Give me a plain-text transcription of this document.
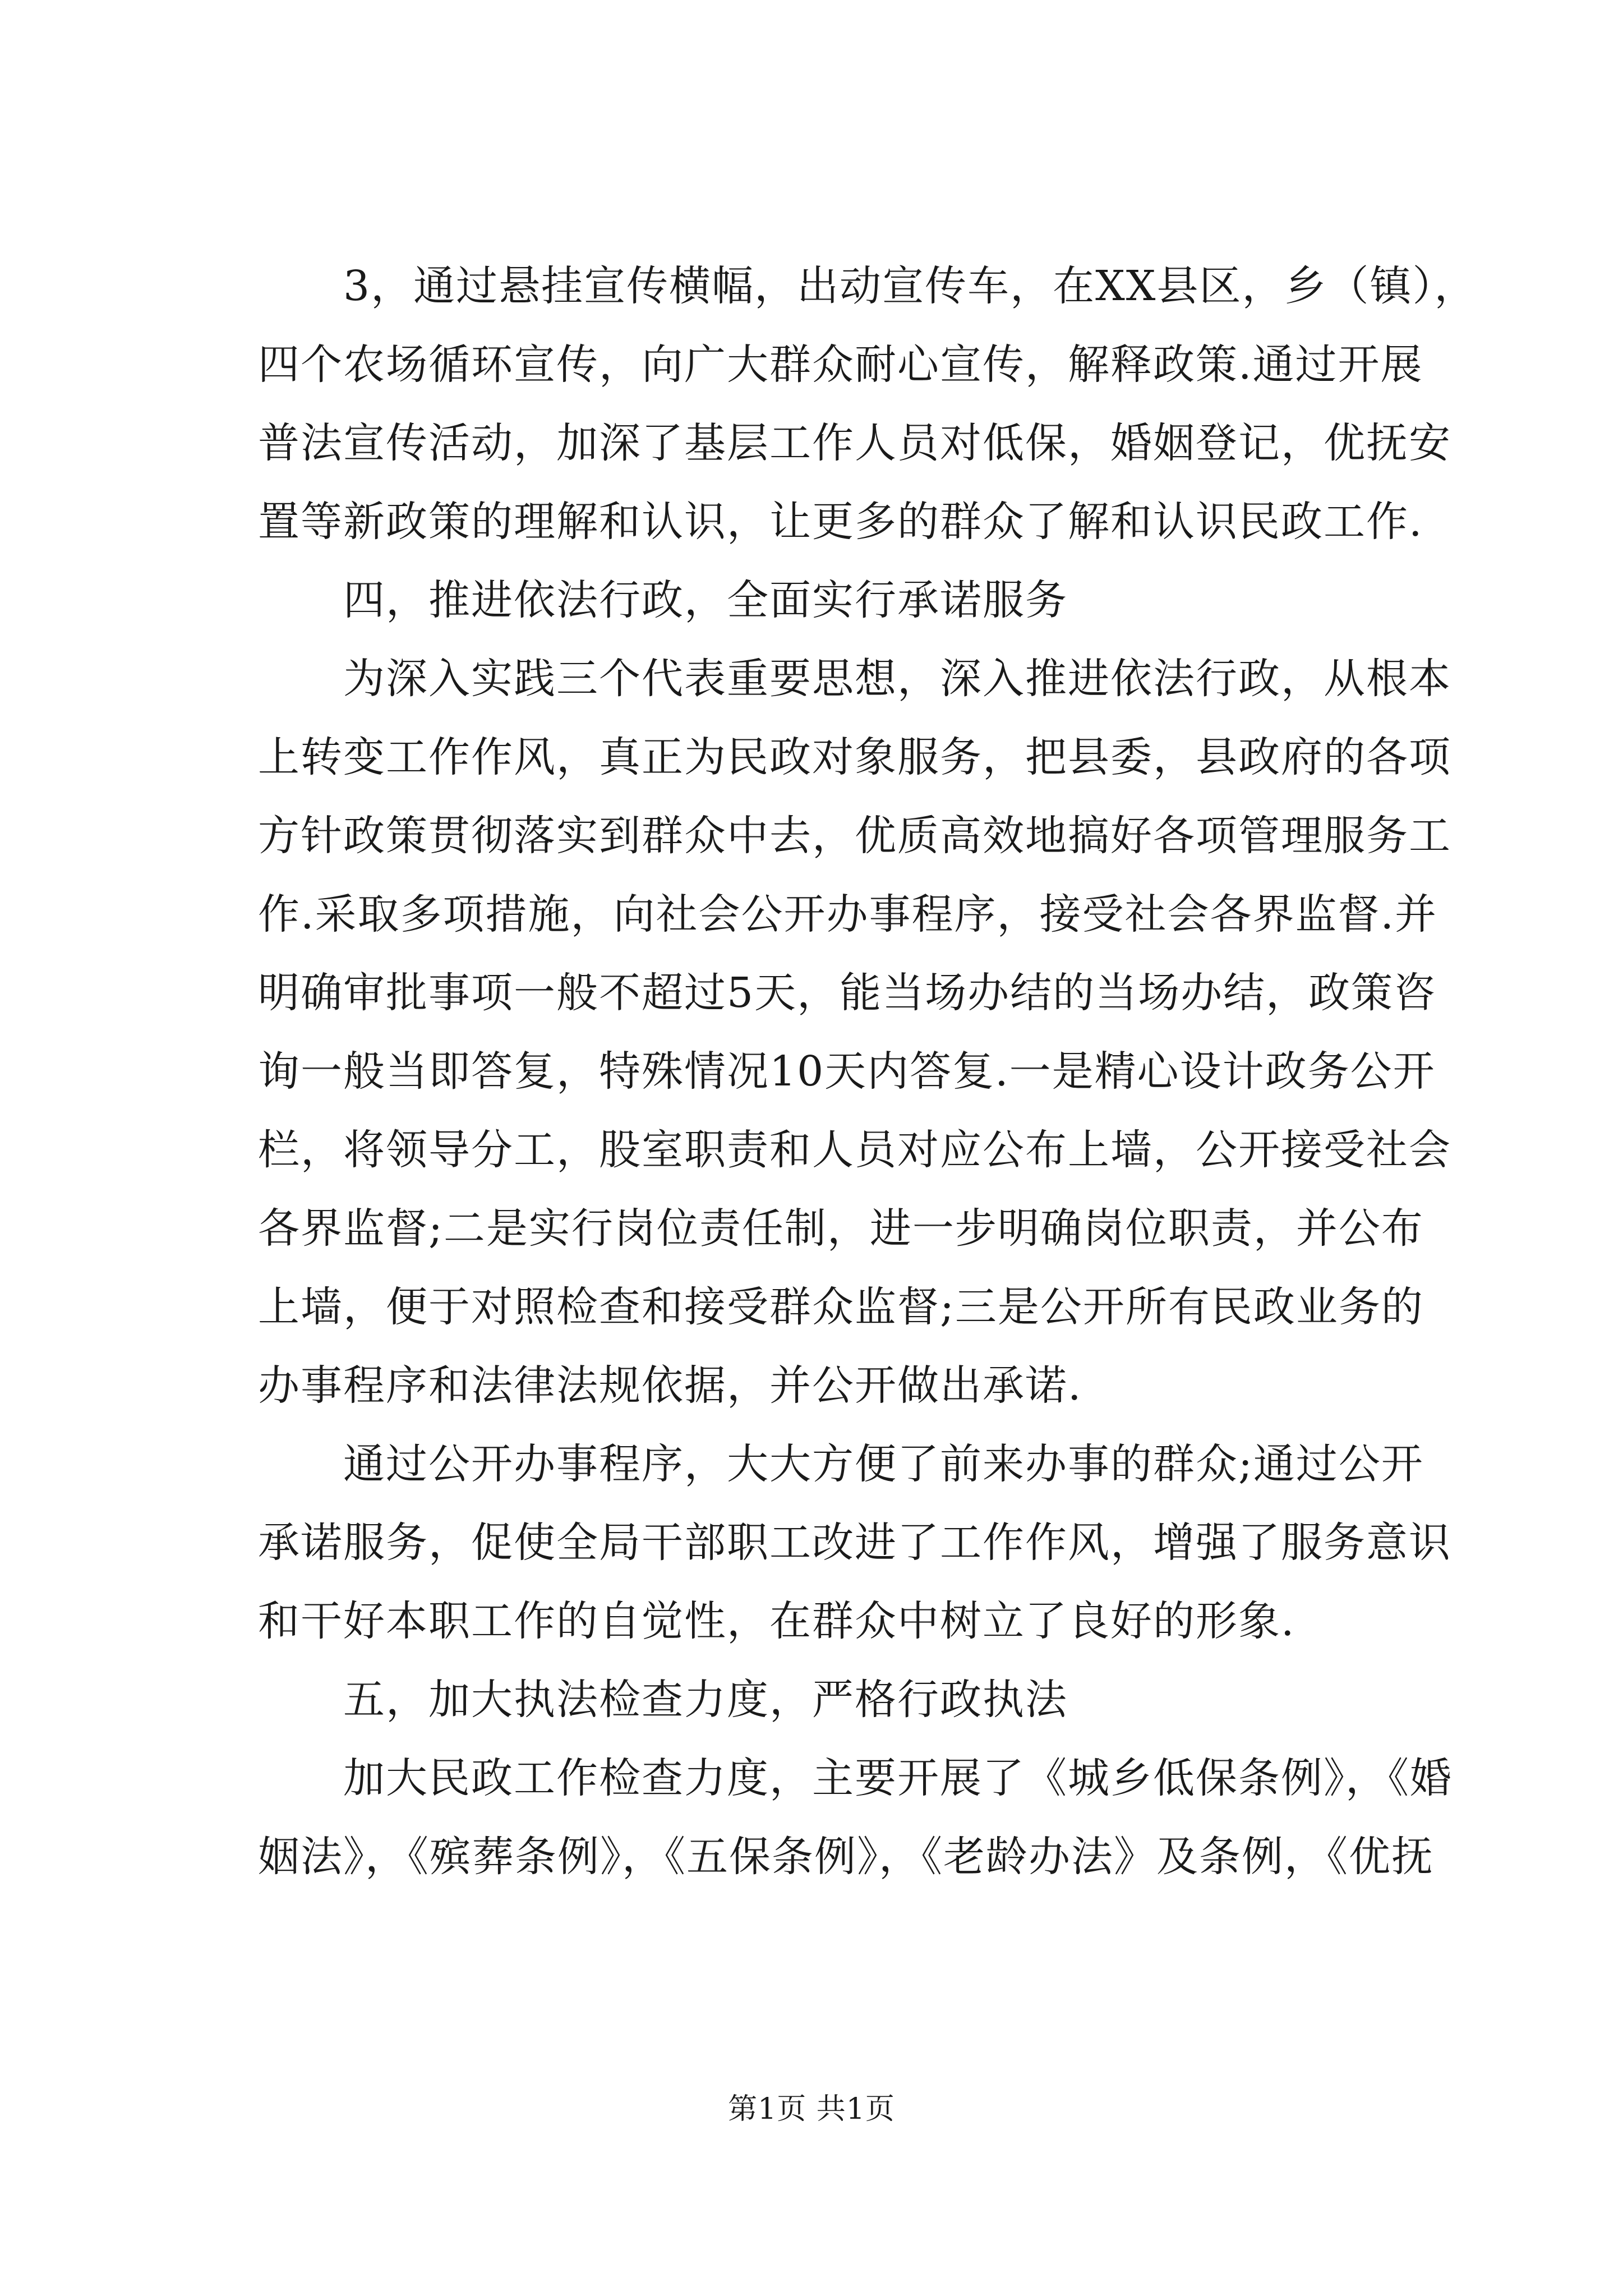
　　3，通过悬挂宣传横幅，出动宣传车，在XX县区，乡（镇），
四个农场循环宣传，向广大群众耐心宣传，解释政策.通过开展
普法宣传活动，加深了基层工作人员对低保，婚姻登记，优抚安
置等新政策的理解和认识，让更多的群众了解和认识民政工作.
　　四，推进依法行政，全面实行承诺服务
　　为深入实践三个代表重要思想，深入推进依法行政，从根本
上转变工作作风，真正为民政对象服务，把县委，县政府的各项
方针政策贯彻落实到群众中去，优质高效地搞好各项管理服务工
作.采取多项措施，向社会公开办事程序，接受社会各界监督.并
明确审批事项一般不超过5天，能当场办结的当场办结，政策咨
询一般当即答复，特殊情况10天内答复.一是精心设计政务公开
栏，将领导分工，股室职责和人员对应公布上墙，公开接受社会
各界监督;二是实行岗位责任制，进一步明确岗位职责，并公布
上墙，便于对照检查和接受群众监督;三是公开所有民政业务的
办事程序和法律法规依据，并公开做出承诺.
　　通过公开办事程序，大大方便了前来办事的群众;通过公开
承诺服务，促使全局干部职工改进了工作作风，增强了服务意识
和干好本职工作的自觉性，在群众中树立了良好的形象.
　　五，加大执法检查力度，严格行政执法
　　加大民政工作检查力度，主要开展了《城乡低保条例》，《婚
姻法》，《殡葬条例》，《五保条例》，《老龄办法》及条例，《优抚
第1页 共1页
